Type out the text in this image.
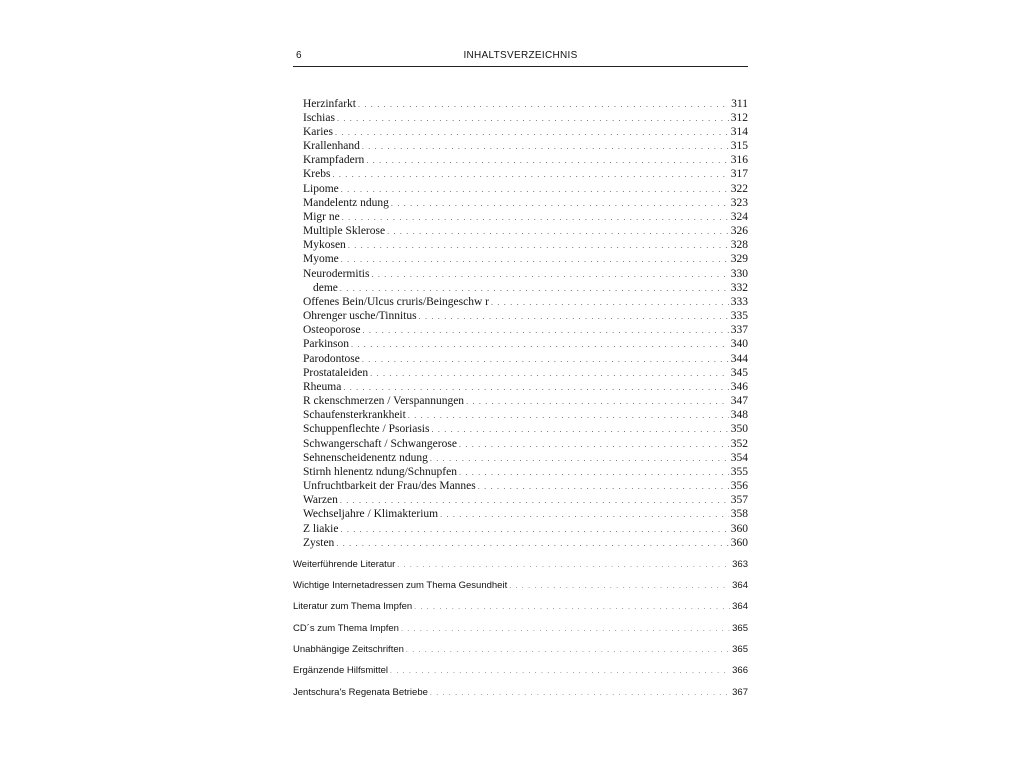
6	INHALTSVERZEICHNIS
Herzinfarkt . . .	311
Ischias . . .	312
Karies . . .	314
Krallenhand . . .	315
Krampfadern . . .	316
Krebs . . .	317
Lipome . . .	322
Mandelentz ndung . . .	323
Migr ne . . .	324
Multiple Sklerose . . .	326
Mykosen . . .	328
Myome . . .	329
Neurodermitis . . .	330
deme . . .	332
Offenes Bein/Ulcus cruris/Beingeschw r . . .	333
Ohrenger usche/Tinnitus . . .	335
Osteoporose . . .	337
Parkinson . . .	340
Parodontose . . .	344
Prostataleiden . . .	345
Rheuma . . .	346
R ckenschmerzen / Verspannungen . . .	347
Schaufensterkrankheit . . .	348
Schuppenflechte / Psoriasis . . .	350
Schwangerschaft / Schwangerose . . .	352
Sehnenscheidenentz ndung . . .	354
Stirnh hlenentz ndung/Schnupfen . . .	355
Unfruchtbarkeit der Frau/des Mannes . . .	356
Warzen . . .	357
Wechseljahre / Klimakterium . . .	358
Z liakie . . .	360
Zysten . . .	360
Weiterführende Literatur . . .	363
Wichtige Internetadressen zum Thema Gesundheit . . .	364
Literatur zum Thema Impfen . . .	364
CD´s zum Thema Impfen . . .	365
Unabhängige Zeitschriften . . .	365
Ergänzende Hilfsmittel . . .	366
Jentschura's Regenata Betriebe . . .	367
